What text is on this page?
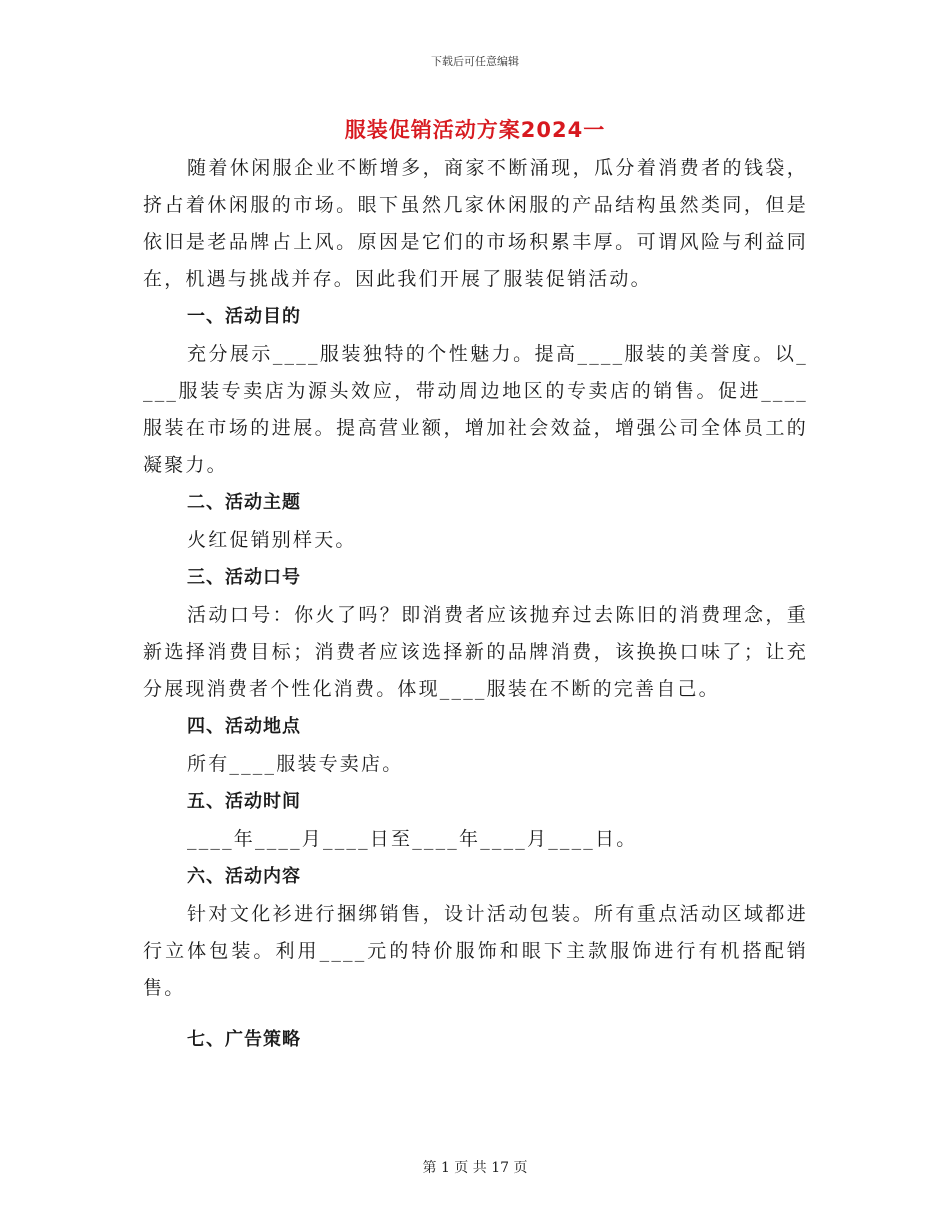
下载后可任意编辑
服装促销活动方案2024一

随着休闲服企业不断增多，商家不断涌现，瓜分着消费者的钱袋，挤占着休闲服的市场。眼下虽然几家休闲服的产品结构虽然类同，但是依旧是老品牌占上风。原因是它们的市场积累丰厚。可谓风险与利益同在，机遇与挑战并存。因此我们开展了服装促销活动。

一、活动目的

充分展示____服装独特的个性魅力。提高____服装的美誉度。以____服装专卖店为源头效应，带动周边地区的专卖店的销售。促进____服装在市场的进展。提高营业额，增加社会效益，增强公司全体员工的凝聚力。

二、活动主题

火红促销别样天。

三、活动口号

活动口号：你火了吗？即消费者应该抛弃过去陈旧的消费理念，重新选择消费目标；消费者应该选择新的品牌消费，该换换口味了；让充分展现消费者个性化消费。体现____服装在不断的完善自己。

四、活动地点

所有____服装专卖店。

五、活动时间

____年____月____日至____年____月____日。

六、活动内容

针对文化衫进行捆绑销售，设计活动包装。所有重点活动区域都进行立体包装。利用____元的特价服饰和眼下主款服饰进行有机搭配销售。

七、广告策略
第 1 页 共 17 页
